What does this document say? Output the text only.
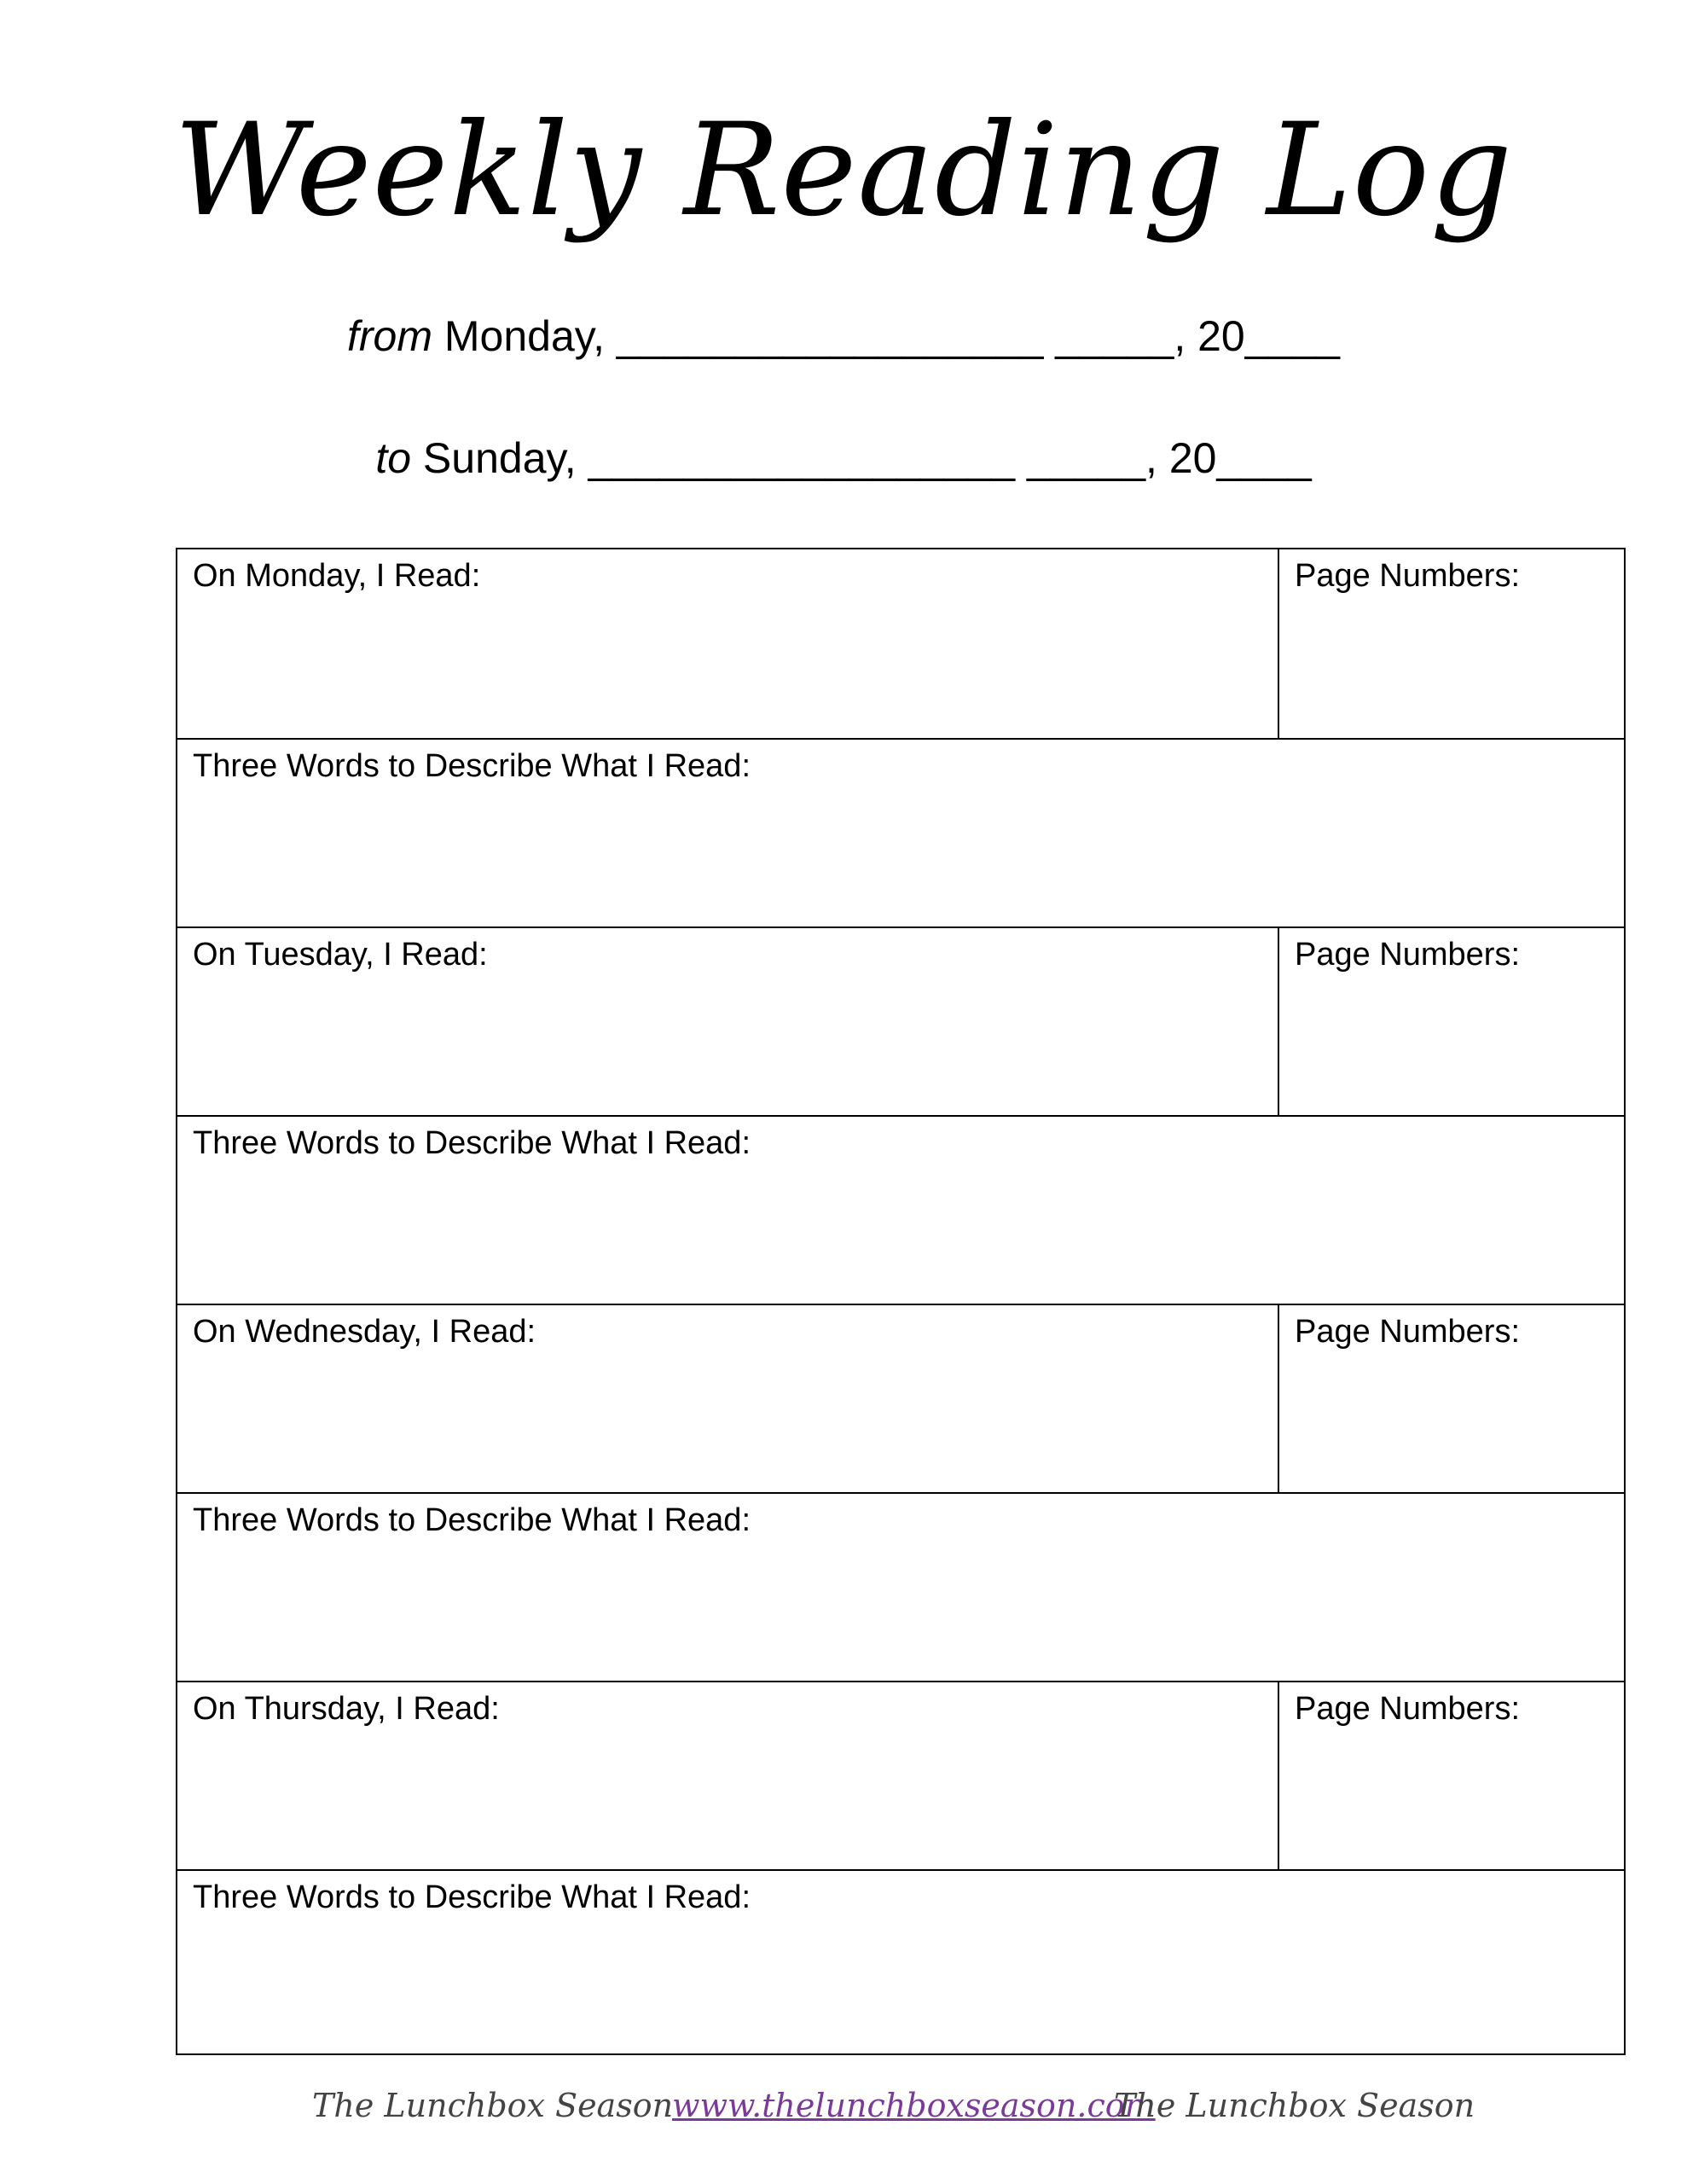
Weekly Reading Log
from Monday, __________________ _____, 20____
to Sunday, __________________ _____, 20____
On Monday, I Read:	Page Numbers:
Three Words to Describe What I Read:
On Tuesday, I Read:	Page Numbers:
Three Words to Describe What I Read:
On Wednesday, I Read:	Page Numbers:
Three Words to Describe What I Read:
On Thursday, I Read:	Page Numbers:
Three Words to Describe What I Read:
The Lunchbox Season
www.thelunchboxseason.com
The Lunchbox Season
